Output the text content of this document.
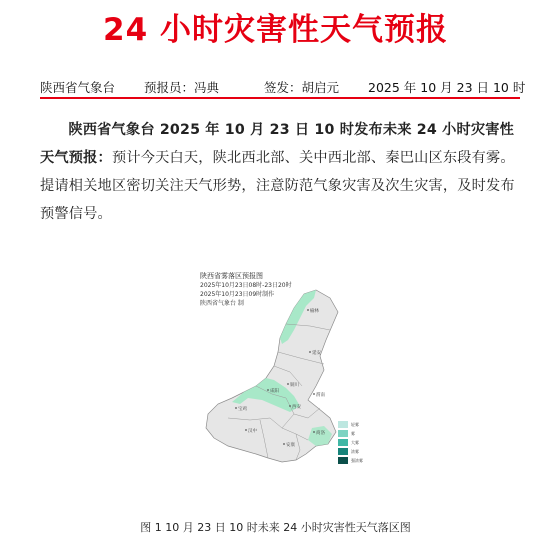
24 小时灾害性天气预报
陕西省气象台 预报员：冯典	签发：胡启元 2025 年 10 月 23 日 10 时
陕西省气象台 2025 年 10 月 23 日 10 时发布未来 24 小时灾害性天气预报：预计今天白天，陕北西北部、关中西北部、秦巴山区东段有雾。提请相关地区密切关注天气形势，注意防范气象灾害及次生灾害，及时发布预警信号。
榆林
延安
铜川
咸阳
宝鸡	西安
渭南
汉中
安康
商洛
陕西省雾落区预报图
2025年10月23日08时-23日20时
2025年10月23日09时制作
陕西省气象台 制
轻雾
雾
大雾
浓雾
强浓雾
图 1 10 月 23 日 10 时未来 24 小时灾害性天气落区图
